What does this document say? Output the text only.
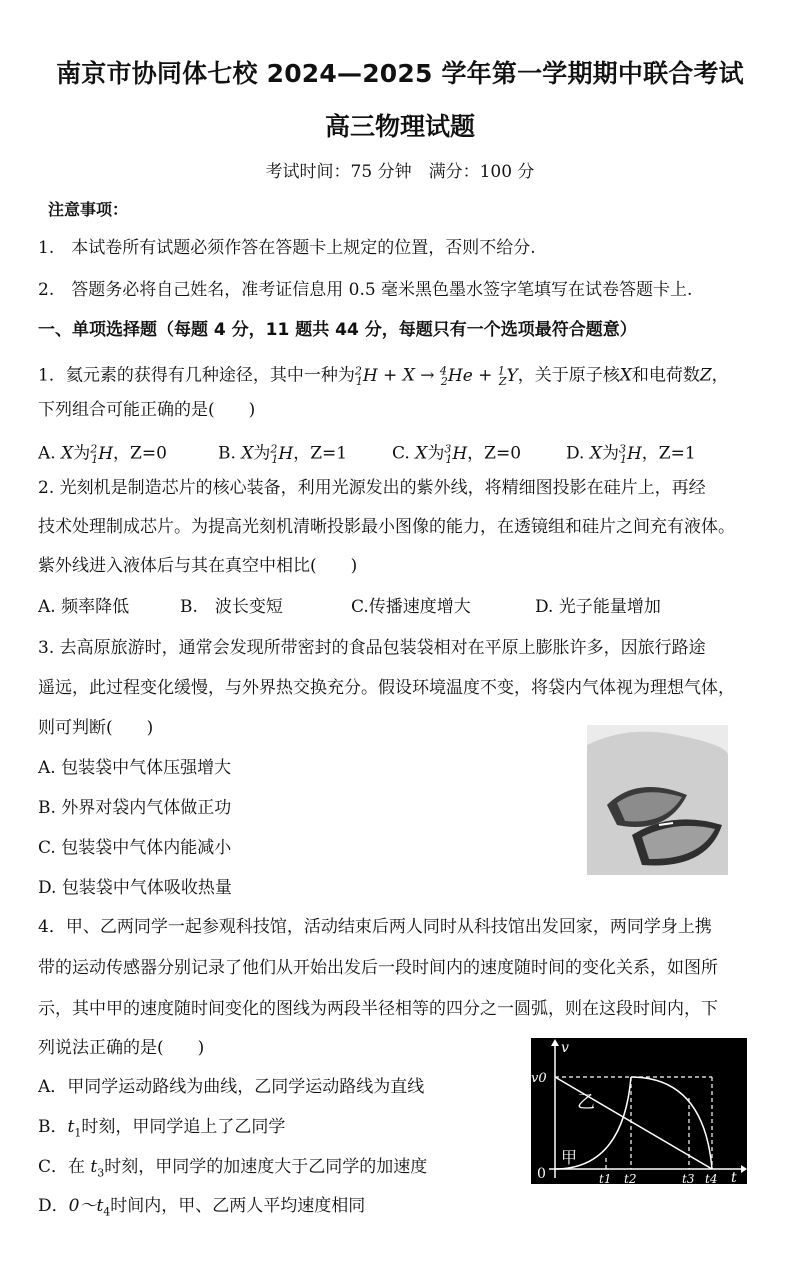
南京市协同体七校 2024—2025 学年第一学期期中联合考试
高三物理试题
考试时间：75 分钟　满分：100 分
注意事项：
1.　本试卷所有试题必须作答在答题卡上规定的位置，否则不给分.
2.　答题务必将自己姓名，准考证信息用 0.5 毫米黑色墨水签字笔填写在试卷答题卡上.
一、单项选择题（每题 4 分，11 题共 44 分，每题只有一个选项最符合题意）
1．氦元素的获得有几种途径，其中一种为$^2_1$H + X → $^4_2$He + $^1_Z$Y，关于原子核X和电荷数Z，
下列组合可能正确的是(　　)
A. X为$^2_1$H，Z=0	B. X为$^2_1$H，Z=1	C. X为$^3_1$H，Z=0	D. X为$^3_1$H，Z=1
2. 光刻机是制造芯片的核心装备，利用光源发出的紫外线，将精细图投影在硅片上，再经
技术处理制成芯片。为提高光刻机清晰投影最小图像的能力，在透镜组和硅片之间充有液体。
紫外线进入液体后与其在真空中相比(　　)
A. 频率降低	B.　波长变短	C.传播速度增大	D. 光子能量增加
3. 去高原旅游时，通常会发现所带密封的食品包装袋相对在平原上膨胀许多，因旅行路途
遥远，此过程变化缓慢，与外界热交换充分。假设环境温度不变，将袋内气体视为理想气体，
则可判断(　　)
A. 包装袋中气体压强增大
B. 外界对袋内气体做正功
C. 包装袋中气体内能减小
D. 包装袋中气体吸收热量
4．甲、乙两同学一起参观科技馆，活动结束后两人同时从科技馆出发回家，两同学身上携
带的运动传感器分别记录了他们从开始出发后一段时间内的速度随时间的变化关系，如图所
示，其中甲的速度随时间变化的图线为两段半径相等的四分之一圆弧，则在这段时间内，下
列说法正确的是(　　)
A．甲同学运动路线为曲线，乙同学运动路线为直线
B．$t_1$时刻，甲同学追上了乙同学
C．在 $t_3$时刻，甲同学的加速度大于乙同学的加速度
D．$0\sim t_4$时间内，甲、乙两人平均速度相同
v
t
0
v0
乙
甲
t1 t2	t3 t4
